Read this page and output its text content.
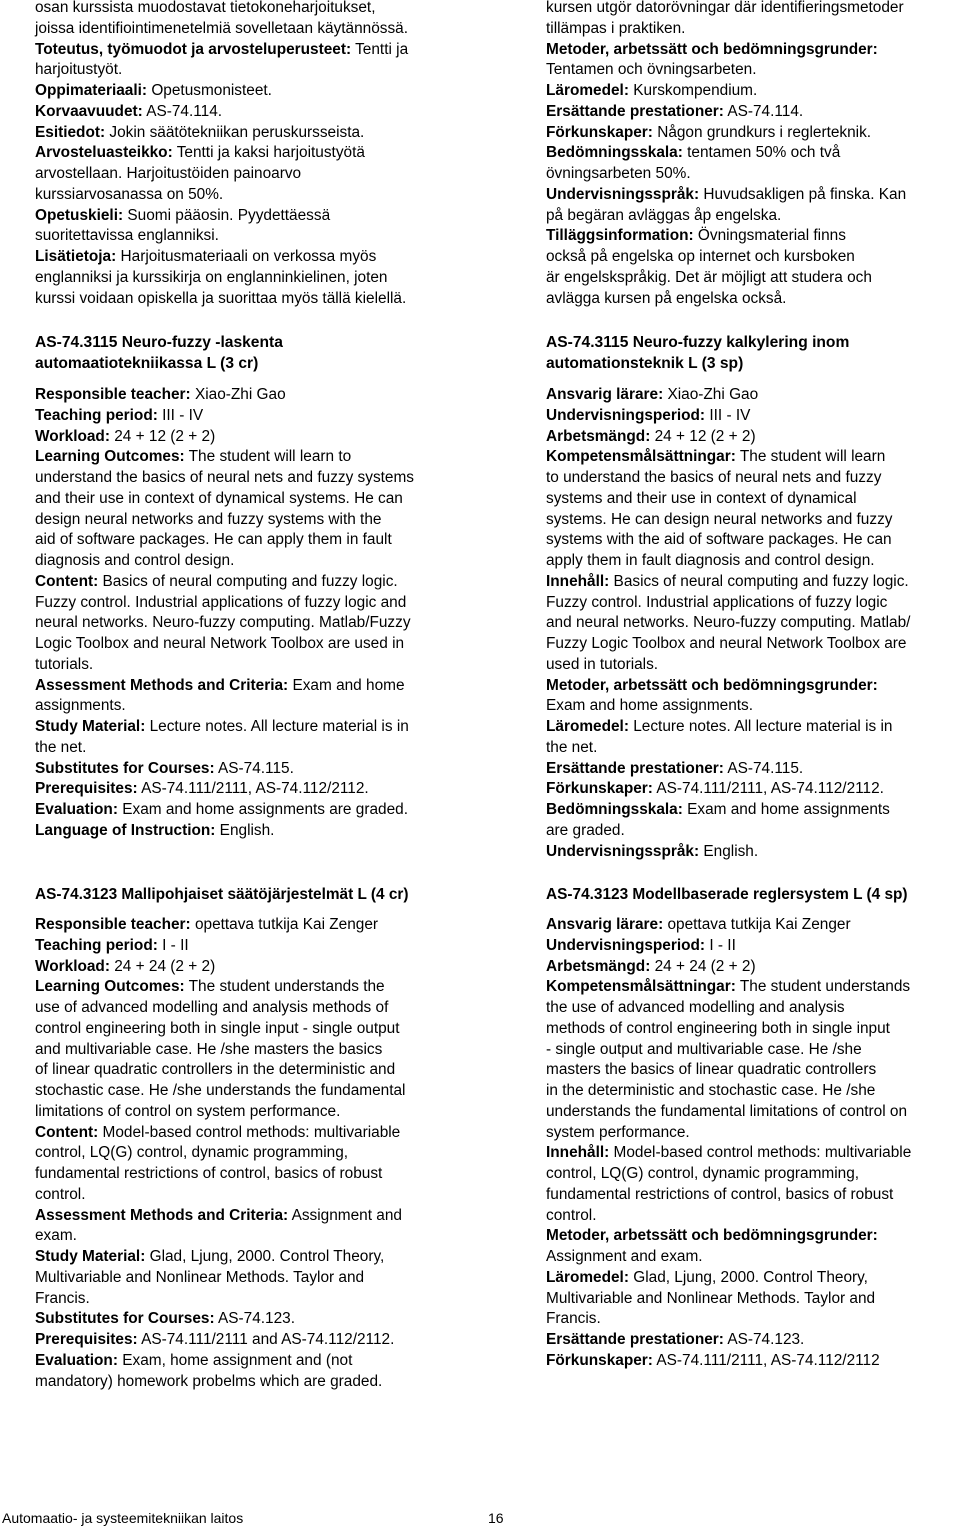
osan kurssista muodostavat tietokoneharjoitukset,
joissa identifiointimenetelmiä sovelletaan käytännössä.
Toteutus, työmuodot ja arvosteluperusteet: Tentti ja
harjoitustyöt.
Oppimateriaali: Opetusmonisteet.
Korvaavuudet: AS-74.114.
Esitiedot: Jokin säätötekniikan peruskursseista.
Arvosteluasteikko: Tentti ja kaksi harjoitustyötä
arvostellaan. Harjoitustöiden painoarvo
kurssiarvosanassa on 50%.
Opetuskieli: Suomi pääosin. Pyydettäessä
suoritettavissa englanniksi.
Lisätietoja: Harjoitusmateriaali on verkossa myös
englanniksi ja kurssikirja on englanninkielinen, joten
kurssi voidaan opiskella ja suorittaa myös tällä kielellä.
AS-74.3115 Neuro-fuzzy -laskenta
automaatiotekniikassa L (3 cr)
Responsible teacher: Xiao-Zhi Gao
Teaching period: III - IV
Workload: 24 + 12 (2 + 2)
Learning Outcomes: The student will learn to
understand the basics of neural nets and fuzzy systems
and their use in context of dynamical systems. He can
design neural networks and fuzzy systems with the
aid of software packages. He can apply them in fault
diagnosis and control design.
Content: Basics of neural computing and fuzzy logic.
Fuzzy control. Industrial applications of fuzzy logic and
neural networks. Neuro-fuzzy computing. Matlab/Fuzzy
Logic Toolbox and neural Network Toolbox are used in
tutorials.
Assessment Methods and Criteria: Exam and home
assignments.
Study Material: Lecture notes. All lecture material is in
the net.
Substitutes for Courses: AS-74.115.
Prerequisites: AS-74.111/2111, AS-74.112/2112.
Evaluation: Exam and home assignments are graded.
Language of Instruction: English.
AS-74.3123 Mallipohjaiset säätöjärjestelmät L (4 cr)
Responsible teacher: opettava tutkija Kai Zenger
Teaching period: I - II
Workload: 24 + 24 (2 + 2)
Learning Outcomes: The student understands the
use of advanced modelling and analysis methods of
control engineering both in single input - single output
and multivariable case. He /she masters the basics
of linear quadratic controllers in the deterministic and
stochastic case. He /she understands the fundamental
limitations of control on system performance.
Content: Model-based control methods: multivariable
control, LQ(G) control, dynamic programming,
fundamental restrictions of control, basics of robust
control.
Assessment Methods and Criteria: Assignment and
exam.
Study Material: Glad, Ljung, 2000. Control Theory,
Multivariable and Nonlinear Methods. Taylor and
Francis.
Substitutes for Courses: AS-74.123.
Prerequisites: AS-74.111/2111 and AS-74.112/2112.
Evaluation: Exam, home assignment and (not
mandatory) homework probelms which are graded.
kursen utgör datorövningar där identifieringsmetoder
tillämpas i praktiken.
Metoder, arbetssätt och bedömningsgrunder:
Tentamen och övningsarbeten.
Läromedel: Kurskompendium.
Ersättande prestationer: AS-74.114.
Förkunskaper: Någon grundkurs i reglerteknik.
Bedömningsskala: tentamen 50% och två
övningsarbeten 50%.
Undervisningsspråk: Huvudsakligen på finska. Kan
på begäran avläggas åp engelska.
Tilläggsinformation: Övningsmaterial finns
också på engelska op internet och kursboken
är engelskspråkig. Det är möjligt att studera och
avlägga kursen på engelska också.
AS-74.3115 Neuro-fuzzy kalkylering inom
automationsteknik L (3 sp)
Ansvarig lärare: Xiao-Zhi Gao
Undervisningsperiod: III - IV
Arbetsmängd: 24 + 12 (2 + 2)
Kompetensmålsättningar: The student will learn
to understand the basics of neural nets and fuzzy
systems and their use in context of dynamical
systems. He can design neural networks and fuzzy
systems with the aid of software packages. He can
apply them in fault diagnosis and control design.
Innehåll: Basics of neural computing and fuzzy logic.
Fuzzy control. Industrial applications of fuzzy logic
and neural networks. Neuro-fuzzy computing. Matlab/
Fuzzy Logic Toolbox and neural Network Toolbox are
used in tutorials.
Metoder, arbetssätt och bedömningsgrunder:
Exam and home assignments.
Läromedel: Lecture notes. All lecture material is in
the net.
Ersättande prestationer: AS-74.115.
Förkunskaper: AS-74.111/2111, AS-74.112/2112.
Bedömningsskala: Exam and home assignments
are graded.
Undervisningsspråk: English.
AS-74.3123 Modellbaserade reglersystem L (4 sp)
Ansvarig lärare: opettava tutkija Kai Zenger
Undervisningsperiod: I - II
Arbetsmängd: 24 + 24 (2 + 2)
Kompetensmålsättningar: The student understands
the use of advanced modelling and analysis
methods of control engineering both in single input
- single output and multivariable case. He /she
masters the basics of linear quadratic controllers
in the deterministic and stochastic case. He /she
understands the fundamental limitations of control on
system performance.
Innehåll: Model-based control methods: multivariable
control, LQ(G) control, dynamic programming,
fundamental restrictions of control, basics of robust
control.
Metoder, arbetssätt och bedömningsgrunder:
Assignment and exam.
Läromedel: Glad, Ljung, 2000. Control Theory,
Multivariable and Nonlinear Methods. Taylor and
Francis.
Ersättande prestationer: AS-74.123.
Förkunskaper: AS-74.111/2111, AS-74.112/2112
Automaatio- ja systeemitekniikan laitos	16
